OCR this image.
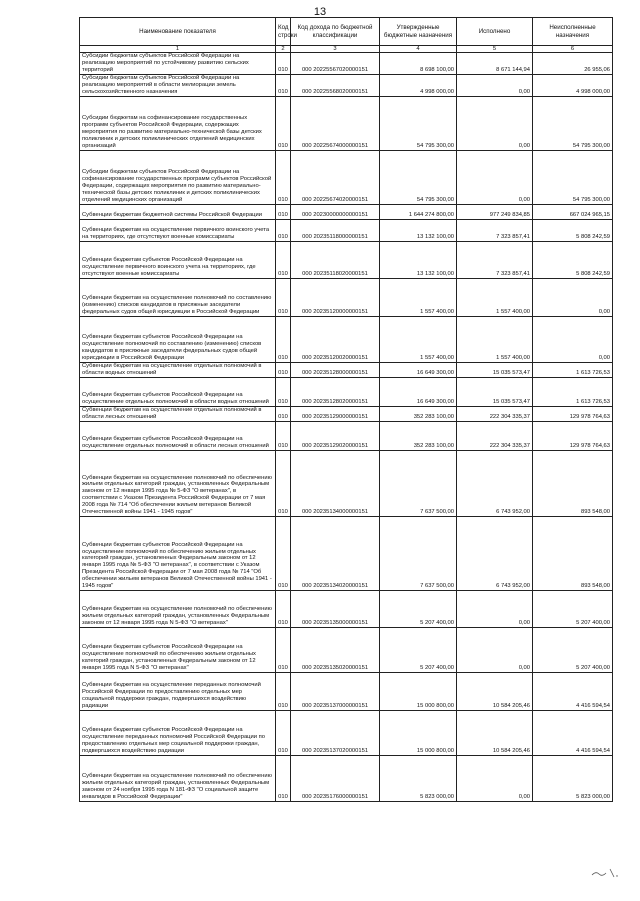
13
Наименование показателя	Код строки	Код дохода по бюджетной классификации	Утвержденные бюджетные назначения	Исполнено	Неисполненные назначения
1	2	3	4	5	6
Субсидии бюджетам субъектов Российской Федерации на реализацию мероприятий по устойчивому развитию сельских территорий	010	000 20225567020000151	8 698 100,00	8 671 144,94	26 955,06
Субсидии бюджетам субъектов Российской Федерации на реализацию мероприятий в области мелиорации земель сельскохозяйственного назначения	010	000 20225568020000151	4 998 000,00	0,00	4 998 000,00
Субсидии бюджетам на софинансирование государственных программ субъектов Российской Федерации, содержащих мероприятия по развитию материально-технической базы детских поликлиник и детских поликлинических отделений медицинских организаций	010	000 20225674000000151	54 795 300,00	0,00	54 795 300,00
Субсидии бюджетам субъектов Российской Федерации на софинансирование государственных программ субъектов Российской Федерации, содержащих мероприятия по развитию материально-технической базы детских поликлиник и детских поликлинических отделений медицинских организаций	010	000 20225674020000151	54 795 300,00	0,00	54 795 300,00
Субвенции бюджетам бюджетной системы Российской Федерации	010	000 20230000000000151	1 644 274 800,00	977 249 834,85	667 024 965,15
Субвенции бюджетам на осуществление первичного воинского учета на территориях, где отсутствуют военные комиссариаты	010	000 20235118000000151	13 132 100,00	7 323 857,41	5 808 242,59
Субвенции бюджетам субъектов Российской Федерации на осуществление первичного воинского учета на территориях, где отсутствуют военные комиссариаты	010	000 20235118020000151	13 132 100,00	7 323 857,41	5 808 242,59
Субвенции бюджетам на осуществление полномочий по составлению (изменению) списков кандидатов в присяжные заседатели федеральных судов общей юрисдикции в Российской Федерации	010	000 20235120000000151	1 557 400,00	1 557 400,00	0,00
Субвенции бюджетам субъектов Российской Федерации на осуществление полномочий по составлению (изменению) списков кандидатов в присяжные заседатели федеральных судов общей юрисдикции в Российской Федерации	010	000 20235120020000151	1 557 400,00	1 557 400,00	0,00
Субвенции бюджетам на осуществление отдельных полномочий в области водных отношений	010	000 20235128000000151	16 649 300,00	15 035 573,47	1 613 726,53
Субвенции бюджетам субъектов Российской Федерации на осуществление отдельных полномочий в области водных отношений	010	000 20235128020000151	16 649 300,00	15 035 573,47	1 613 726,53
Субвенции бюджетам на осуществление отдельных полномочий в области лесных отношений	010	000 20235129000000151	352 283 100,00	222 304 335,37	129 978 764,63
Субвенции бюджетам субъектов Российской Федерации на осуществление отдельных полномочий в области лесных отношений	010	000 20235129020000151	352 283 100,00	222 304 335,37	129 978 764,63
Субвенции бюджетам на осуществление полномочий по обеспечению жильем отдельных категорий граждан, установленных Федеральным законом от 12 января 1995 года № 5-ФЗ "О ветеранах", в соответствии с Указом Президента Российской Федерации от 7 мая 2008 года № 714 "Об обеспечении жильем ветеранов Великой Отечественной войны 1941 - 1945 годов"	010	000 20235134000000151	7 637 500,00	6 743 952,00	893 548,00
Субвенции бюджетам субъектов Российской Федерации на осуществление полномочий по обеспечению жильем отдельных категорий граждан, установленных Федеральным законом от 12 января 1995 года № 5-ФЗ "О ветеранах", в соответствии с Указом Президента Российской Федерации от 7 мая 2008 года № 714 "Об обеспечении жильем ветеранов Великой Отечественной войны 1941 - 1945 годов"	010	000 20235134020000151	7 637 500,00	6 743 952,00	893 548,00
Субвенции бюджетам на осуществление полномочий по обеспечению жильем отдельных категорий граждан, установленных Федеральным законом от 12 января 1995 года N 5-ФЗ "О ветеранах"	010	000 20235135000000151	5 207 400,00	0,00	5 207 400,00
Субвенции бюджетам субъектов Российской Федерации на осуществление полномочий по обеспечению жильем отдельных категорий граждан, установленных Федеральным законом от 12 января 1995 года N 5-ФЗ "О ветеранах"	010	000 20235135020000151	5 207 400,00	0,00	5 207 400,00
Субвенции бюджетам на осуществление переданных полномочий Российской Федерации по предоставлению отдельных мер социальной поддержки граждан, подвергшихся воздействию радиации	010	000 20235137000000151	15 000 800,00	10 584 205,46	4 416 594,54
Субвенции бюджетам субъектов Российской Федерации на осуществление переданных полномочий Российской Федерации по предоставлению отдельных мер социальной поддержки граждан, подвергшихся воздействию радиации	010	000 20235137020000151	15 000 800,00	10 584 205,46	4 416 594,54
Субвенции бюджетам на осуществление полномочий по обеспечению жильем отдельных категорий граждан, установленных Федеральным законом от 24 ноября 1995 года N 181-ФЗ "О социальной защите инвалидов в Российской Федерации"	010	000 20235176000000151	5 823 000,00	0,00	5 823 000,00
